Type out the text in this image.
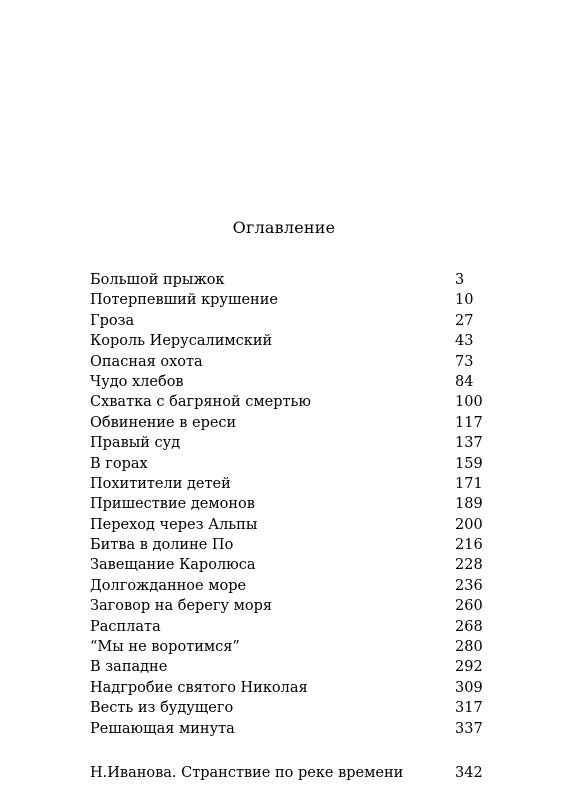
Оглавление
Большой прыжок	3
Потерпевший крушение	10
Гроза	27
Король Иерусалимский	43
Опасная охота	73
Чудо хлебов	84
Схватка с багряной смертью	100
Обвинение в ереси	117
Правый суд	137
В горах	159
Похитители детей	171
Пришествие демонов	189
Переход через Альпы	200
Битва в долине По	216
Завещание Каролюса	228
Долгожданное море	236
Заговор на берегу моря	260
Расплата	268
“Мы не воротимся”	280
В западне	292
Надгробие святого Николая	309
Весть из будущего	317
Решающая минута	337
Н.Иванова. Странствие по реке времени	342
